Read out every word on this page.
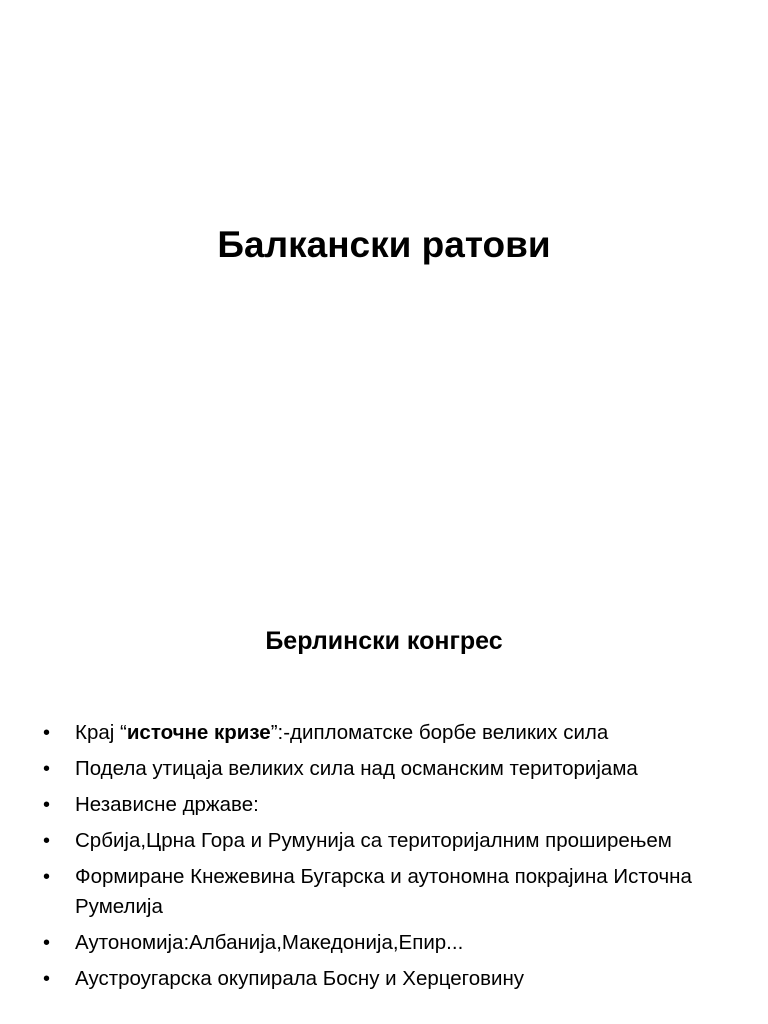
Балкански ратови
Берлински конгрес
• Крај “источне кризе”:-дипломатске борбе великих сила
• Подела утицаја великих сила над османским територијама
• Независне државе:
• Србија,Црна Гора и Румунија са територијалним проширењем
• Формиране Кнежевина Бугарска и аутономна покрајина Источна Румелија
• Аутономија:Албанија,Македонија,Епир...
• Аустроугарска окупирала Босну и Херцеговину
